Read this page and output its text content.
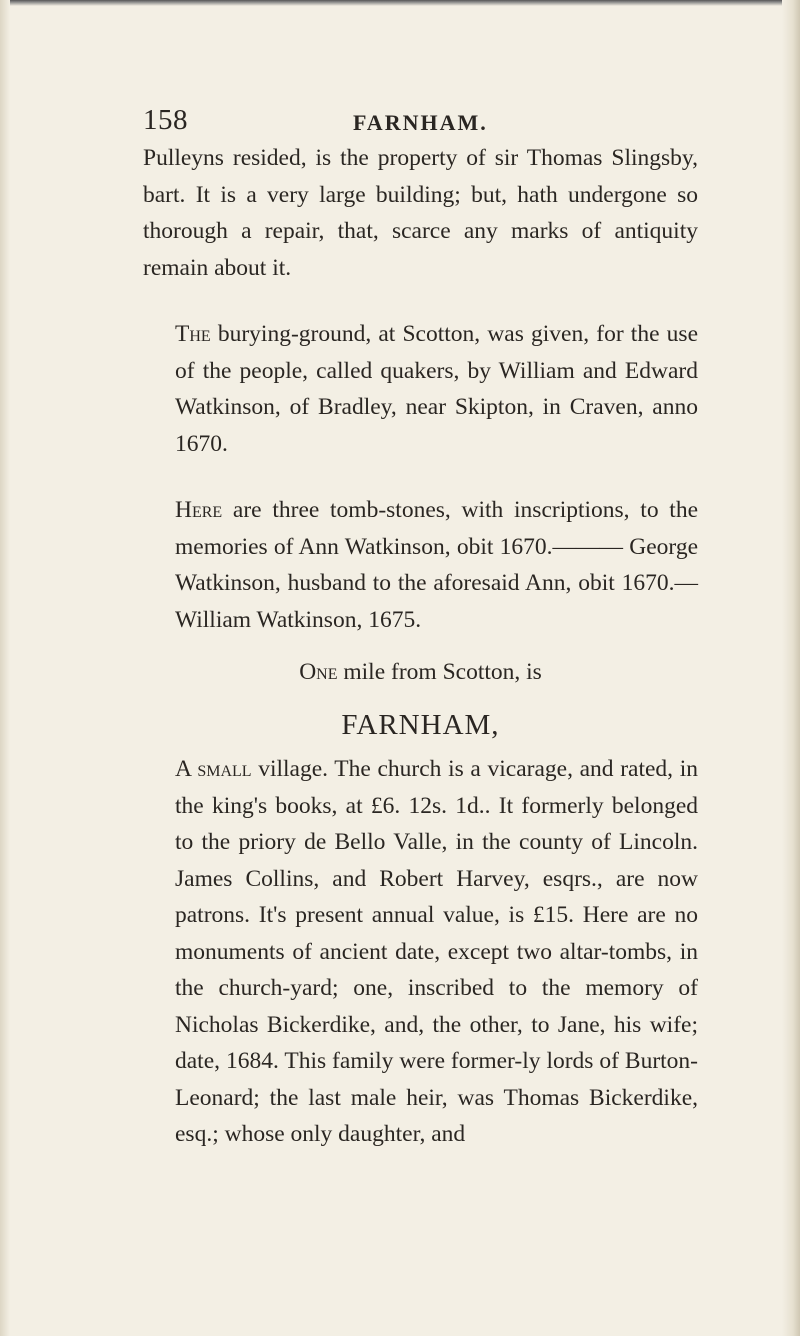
158	FARNHAM.

Pulleyns resided, is the property of sir Thomas Slingsby, bart. It is a very large building; but, hath undergone so thorough a repair, that, scarce any marks of antiquity remain about it.

The burying-ground, at Scotton, was given, for the use of the people, called quakers, by William and Edward Watkinson, of Bradley, near Skipton, in Craven, anno 1670.

Here are three tomb-stones, with inscriptions, to the memories of Ann Watkinson, obit 1670.——— George Watkinson, husband to the aforesaid Ann, obit 1670.—William Watkinson, 1675.

One mile from Scotton, is

FARNHAM,

A small village. The church is a vicarage, and rated, in the king's books, at £6. 12s. 1d.. It formerly belonged to the priory de Bello Valle, in the county of Lincoln. James Collins, and Robert Harvey, esqrs., are now patrons. It's present annual value, is £15. Here are no monuments of ancient date, except two altar-tombs, in the church-yard; one, inscribed to the memory of Nicholas Bickerdike, and, the other, to Jane, his wife; date, 1684. This family were former-ly lords of Burton-Leonard; the last male heir, was Thomas Bickerdike, esq.; whose only daughter, and
